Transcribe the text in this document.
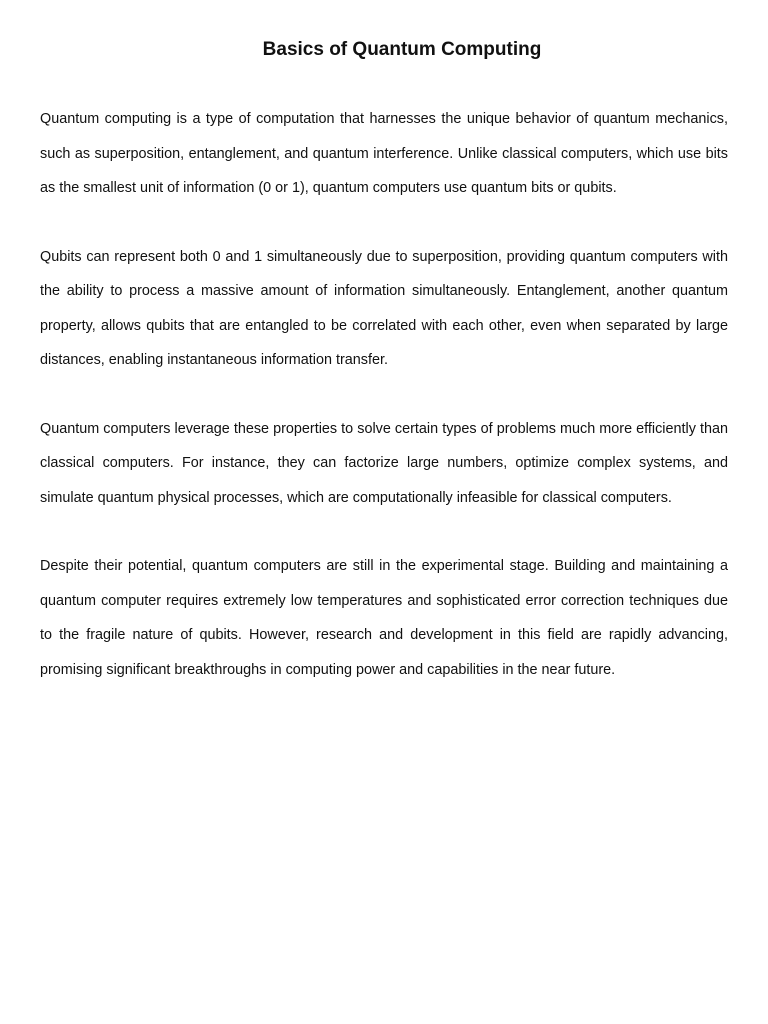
Basics of Quantum Computing

Quantum computing is a type of computation that harnesses the unique behavior of quantum mechanics, such as superposition, entanglement, and quantum interference. Unlike classical computers, which use bits as the smallest unit of information (0 or 1), quantum computers use quantum bits or qubits.

Qubits can represent both 0 and 1 simultaneously due to superposition, providing quantum computers with the ability to process a massive amount of information simultaneously. Entanglement, another quantum property, allows qubits that are entangled to be correlated with each other, even when separated by large distances, enabling instantaneous information transfer.

Quantum computers leverage these properties to solve certain types of problems much more efficiently than classical computers. For instance, they can factorize large numbers, optimize complex systems, and simulate quantum physical processes, which are computationally infeasible for classical computers.

Despite their potential, quantum computers are still in the experimental stage. Building and maintaining a quantum computer requires extremely low temperatures and sophisticated error correction techniques due to the fragile nature of qubits. However, research and development in this field are rapidly advancing, promising significant breakthroughs in computing power and capabilities in the near future.
